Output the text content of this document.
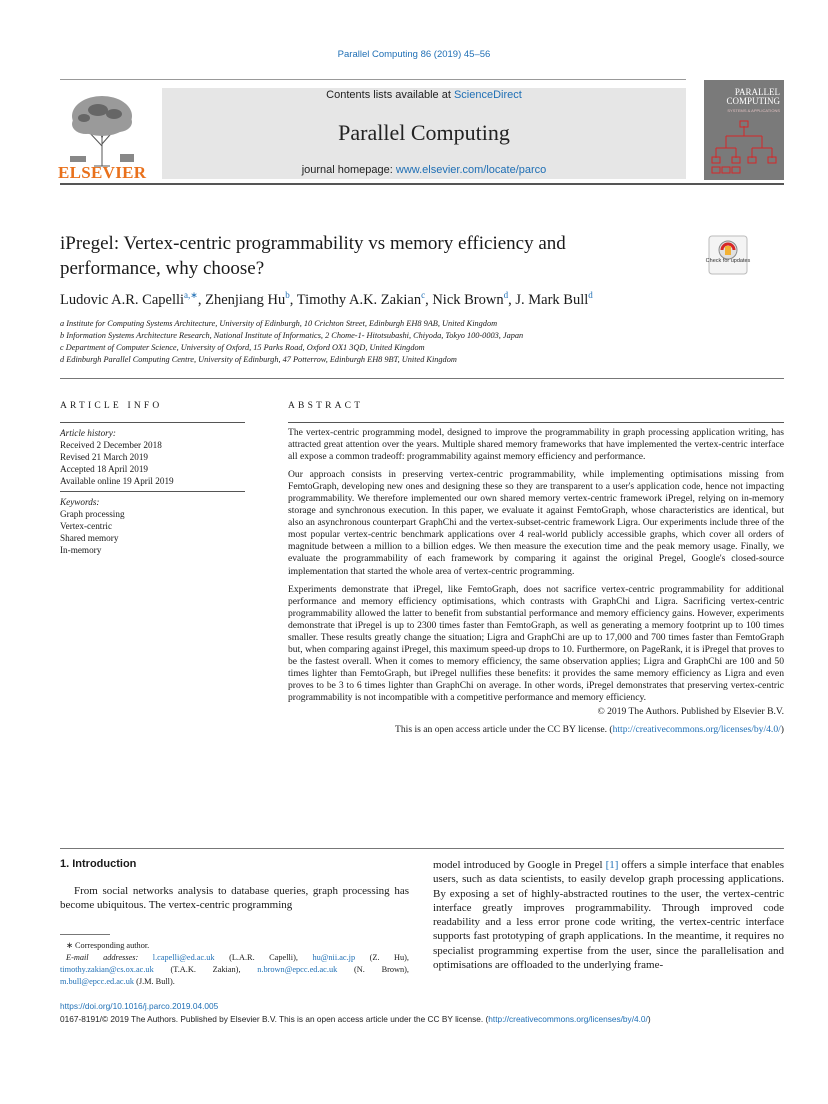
Parallel Computing 86 (2019) 45–56
ELSEVIER
Contents lists available at ScienceDirect
Parallel Computing
journal homepage: www.elsevier.com/locate/parco
PARALLEL COMPUTING
SYSTEMS & APPLICATIONS
iPregel: Vertex-centric programmability vs memory efficiency and performance, why choose?	Check for updates
Ludovic A.R. Capelli$^{a,∗}$, Zhenjiang Hu$^b$, Timothy A.K. Zakian$^c$, Nick Brown$^d$, J. Mark Bull$^d$
a Institute for Computing Systems Architecture, University of Edinburgh, 10 Crichton Street, Edinburgh EH8 9AB, United Kingdom
b Information Systems Architecture Research, National Institute of Informatics, 2 Chome-1- Hitotsubashi, Chiyoda, Tokyo 100-0003, Japan
c Department of Computer Science, University of Oxford, 15 Parks Road, Oxford OX1 3QD, United Kingdom
d Edinburgh Parallel Computing Centre, University of Edinburgh, 47 Potterrow, Edinburgh EH8 9BT, United Kingdom
ARTICLE INFO
Article history:
Received 2 December 2018
Revised 21 March 2019
Accepted 18 April 2019
Available online 19 April 2019
Keywords:
Graph processing
Vertex-centric
Shared memory
In-memory
ABSTRACT

The vertex-centric programming model, designed to improve the programmability in graph processing application writing, has attracted great attention over the years. Multiple shared memory frameworks that have implemented the vertex-centric interface all expose a common tradeoff: programmability against memory efficiency and performance.

Our approach consists in preserving vertex-centric programmability, while implementing optimisations missing from FemtoGraph, developing new ones and designing these so they are transparent to a user's application code, hence not impacting programmability. We therefore implemented our own shared memory vertex-centric framework iPregel, relying on in-memory storage and synchronous execution. In this paper, we evaluate it against FemtoGraph, whose characteristics are identical, but also an asynchronous counterpart GraphChi and the vertex-subset-centric framework Ligra. Our experiments include three of the most popular vertex-centric benchmark applications over 4 real-world publicly accessible graphs, which cover all orders of magnitude between a million to a billion edges. We then measure the execution time and the peak memory usage. Finally, we evaluate the programmability of each framework by comparing it against the original Pregel, Google's closed-source implementation that started the whole area of vertex-centric programming.

Experiments demonstrate that iPregel, like FemtoGraph, does not sacrifice vertex-centric programmability for additional performance and memory efficiency optimisations, which contrasts with GraphChi and Ligra. Sacrificing vertex-centric programmability allowed the latter to benefit from substantial performance and memory efficiency gains. However, experiments demonstrate that iPregel is up to 2300 times faster than FemtoGraph, as well as generating a memory footprint up to 100 times smaller. These results greatly change the situation; Ligra and GraphChi are up to 17,000 and 700 times faster than FemtoGraph but, when comparing against iPregel, this maximum speed-up drops to 10. Furthermore, on PageRank, it is iPregel that proves to be the fastest overall. When it comes to memory efficiency, the same observation applies; Ligra and GraphChi are 100 and 50 times lighter than FemtoGraph, but iPregel nullifies these benefits: it provides the same memory efficiency as Ligra and even proves to be 3 to 6 times lighter than GraphChi on average. In other words, iPregel demonstrates that preserving vertex-centric programmability is not incompatible with a competitive performance and memory efficiency.

© 2019 The Authors. Published by Elsevier B.V.

This is an open access article under the CC BY license. (http://creativecommons.org/licenses/by/4.0/)

1. Introduction
From social networks analysis to database queries, graph processing has become ubiquitous. The vertex-centric programming
model introduced by Google in Pregel [1] offers a simple interface that enables users, such as data scientists, to easily develop graph processing applications. By exposing a set of highly-abstracted routines to the user, the vertex-centric interface greatly improves programmability. Through improved code readability and a less error prone code writing, the vertex-centric interface supports fast prototyping of graph applications. In the meantime, it requires no specialist programming expertise from the user, since the parallelisation and optimisations are offloaded to the underlying frame-
∗ Corresponding author.
E-mail addresses: l.capelli@ed.ac.uk (L.A.R. Capelli), hu@nii.ac.jp (Z. Hu), timothy.zakian@cs.ox.ac.uk (T.A.K. Zakian), n.brown@epcc.ed.ac.uk (N. Brown), m.bull@epcc.ed.ac.uk (J.M. Bull).
https://doi.org/10.1016/j.parco.2019.04.005
0167-8191/© 2019 The Authors. Published by Elsevier B.V. This is an open access article under the CC BY license. (http://creativecommons.org/licenses/by/4.0/)
